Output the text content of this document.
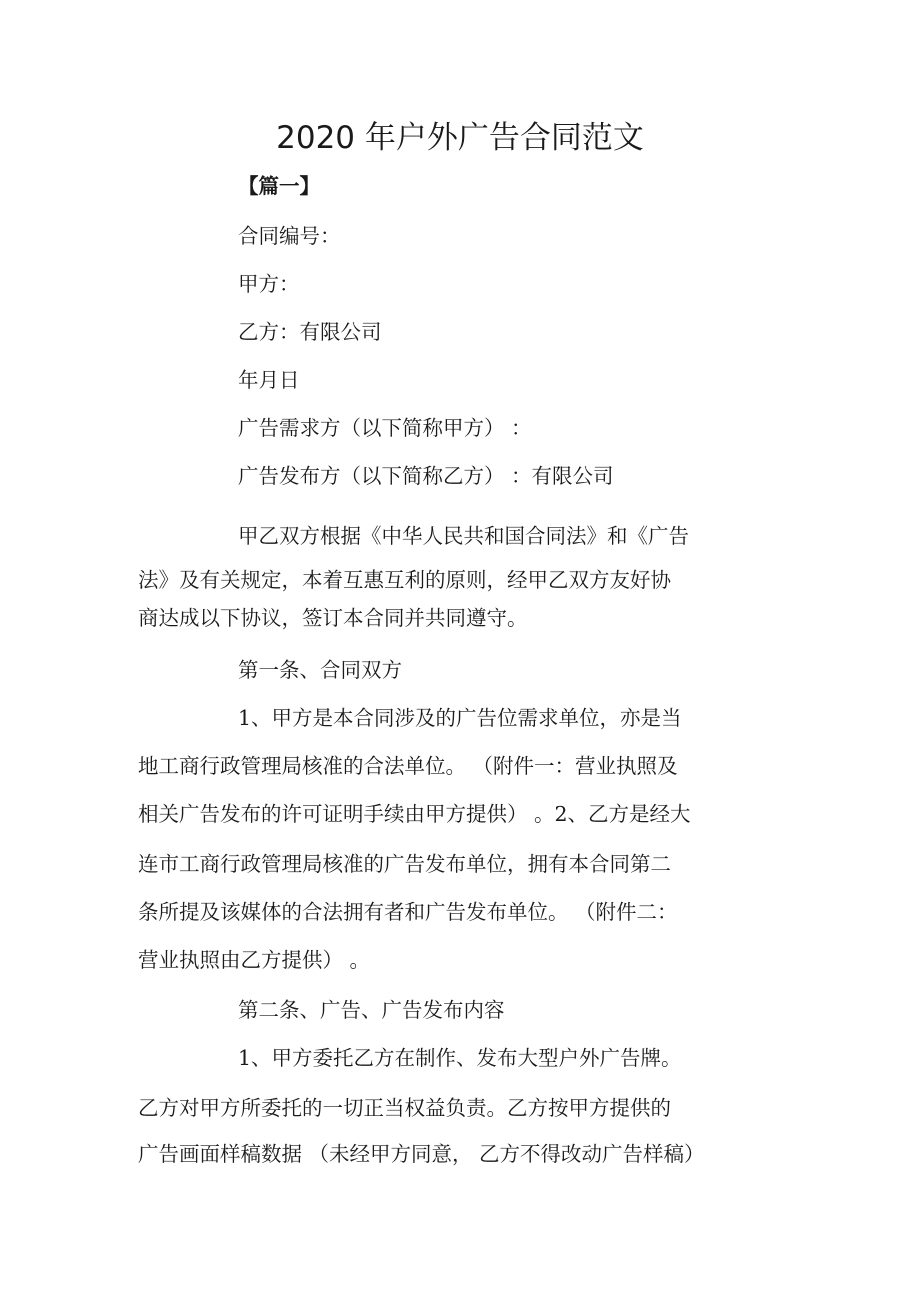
2020 年户外广告合同范文
【篇一】
合同编号：
甲方：
乙方：有限公司
年月日
广告需求方（以下简称甲方） ：
广告发布方（以下简称乙方） ：有限公司
甲乙双方根据《中华人民共和国合同法》和《广告
法》及有关规定，本着互惠互利的原则，经甲乙双方友好协
商达成以下协议，签订本合同并共同遵守。
第一条、合同双方
1、甲方是本合同涉及的广告位需求单位，亦是当
地工商行政管理局核准的合法单位。 （附件一：营业执照及
相关广告发布的许可证明手续由甲方提供） 。2、乙方是经大
连市工商行政管理局核准的广告发布单位，拥有本合同第二
条所提及该媒体的合法拥有者和广告发布单位。 （附件二：
营业执照由乙方提供） 。
第二条、广告、广告发布内容
1、甲方委托乙方在制作、发布大型户外广告牌。
乙方对甲方所委托的一切正当权益负责。乙方按甲方提供的
广告画面样稿数据 （未经甲方同意， 乙方不得改动广告样稿）
